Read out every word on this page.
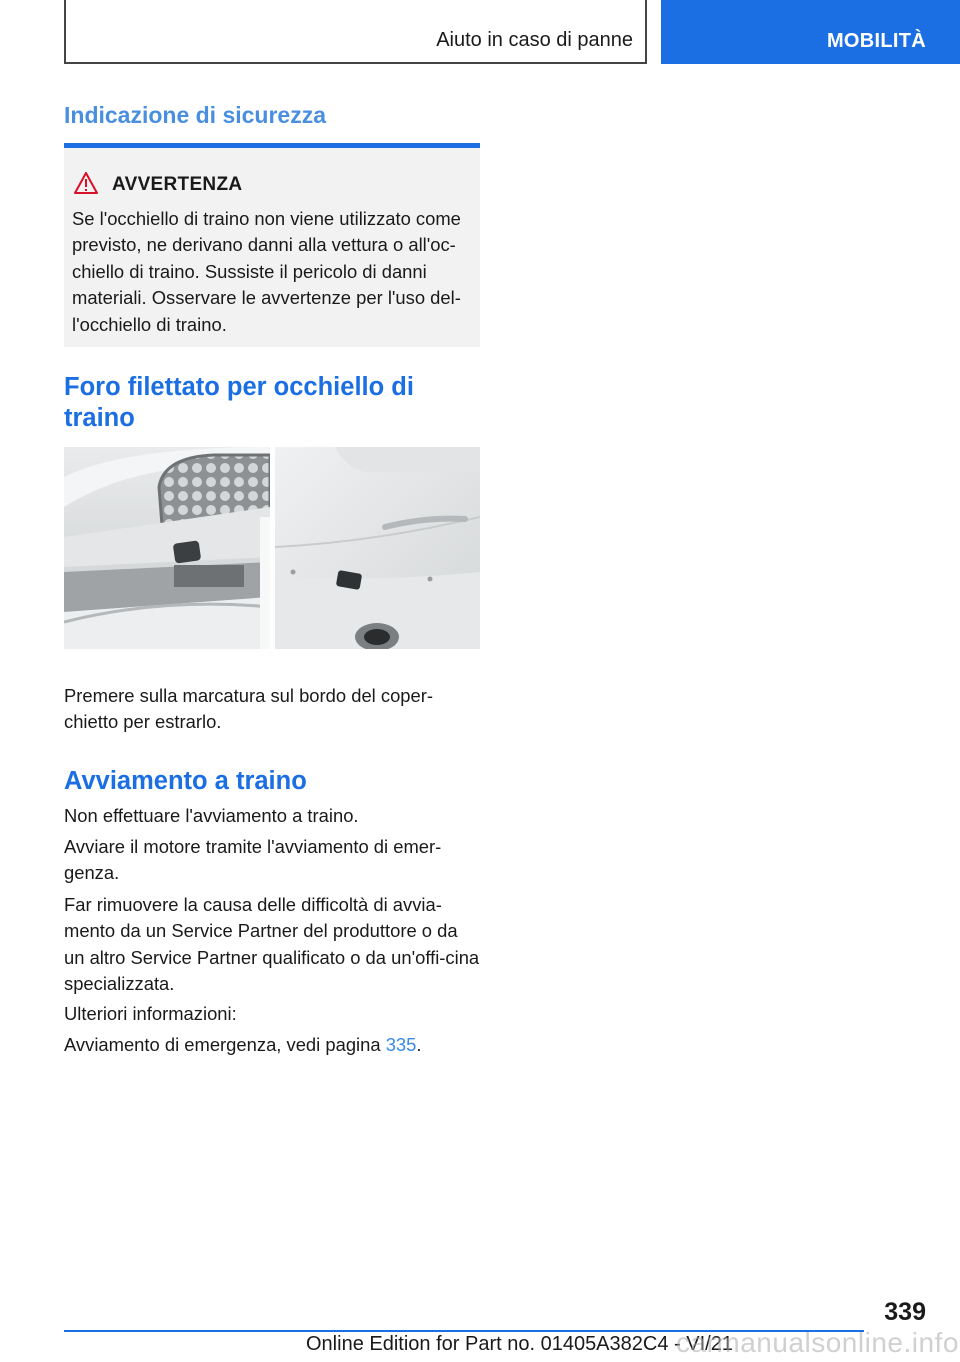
Aiuto in caso di panne	MOBILITÀ
Indicazione di sicurezza
AVVERTENZA

Se l'occhiello di traino non viene utilizzato come previsto, ne derivano danni alla vettura o all'oc-chiello di traino. Sussiste il pericolo di danni materiali. Osservare le avvertenze per l'uso del-l'occhiello di traino.

Foro filettato per occhiello di traino

Premere sulla marcatura sul bordo del coper-chietto per estrarlo.

Avviamento a traino

Non effettuare l'avviamento a traino.

Avviare il motore tramite l'avviamento di emer-genza.

Far rimuovere la causa delle difficoltà di avvia-mento da un Service Partner del produttore o da un altro Service Partner qualificato o da un'offi-cina specializzata.

Ulteriori informazioni:

Avviamento di emergenza, vedi pagina 335.

339
Online Edition for Part no. 01405A382C4 - VI/21
carmanualsonline.info
